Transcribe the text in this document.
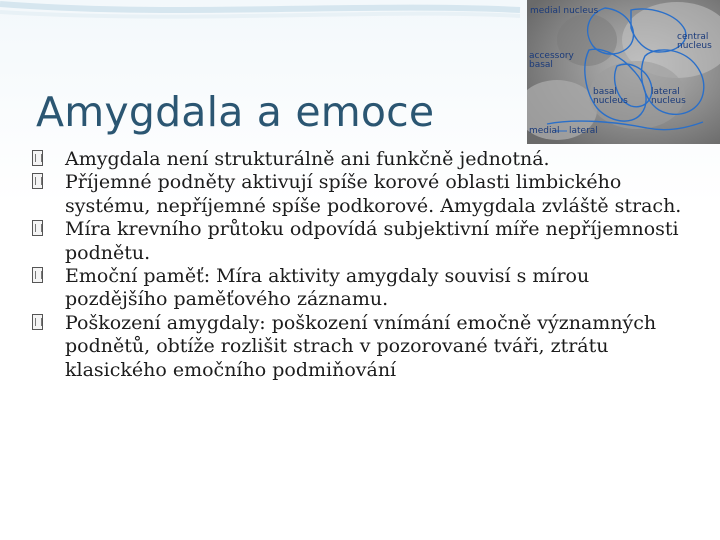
medial nucleus
central nucleus
accessory basal
basal nucleus
lateral nucleus
medial lateral
Amygdala a emoce
Amygdala není strukturálně ani funkčně jednotná.
Příjemné podněty aktivují spíše korové oblasti limbického systému, nepříjemné spíše podkorové. Amygdala zvláště strach.
Míra krevního průtoku odpovídá subjektivní míře nepříjemnosti podnětu.
Emoční paměť: Míra aktivity amygdaly souvisí s mírou pozdějšího paměťového záznamu.
Poškození amygdaly: poškození vnímání emočně významných podnětů, obtíže rozlišit strach v pozorované tváři, ztrátu klasického emočního podmiňování
